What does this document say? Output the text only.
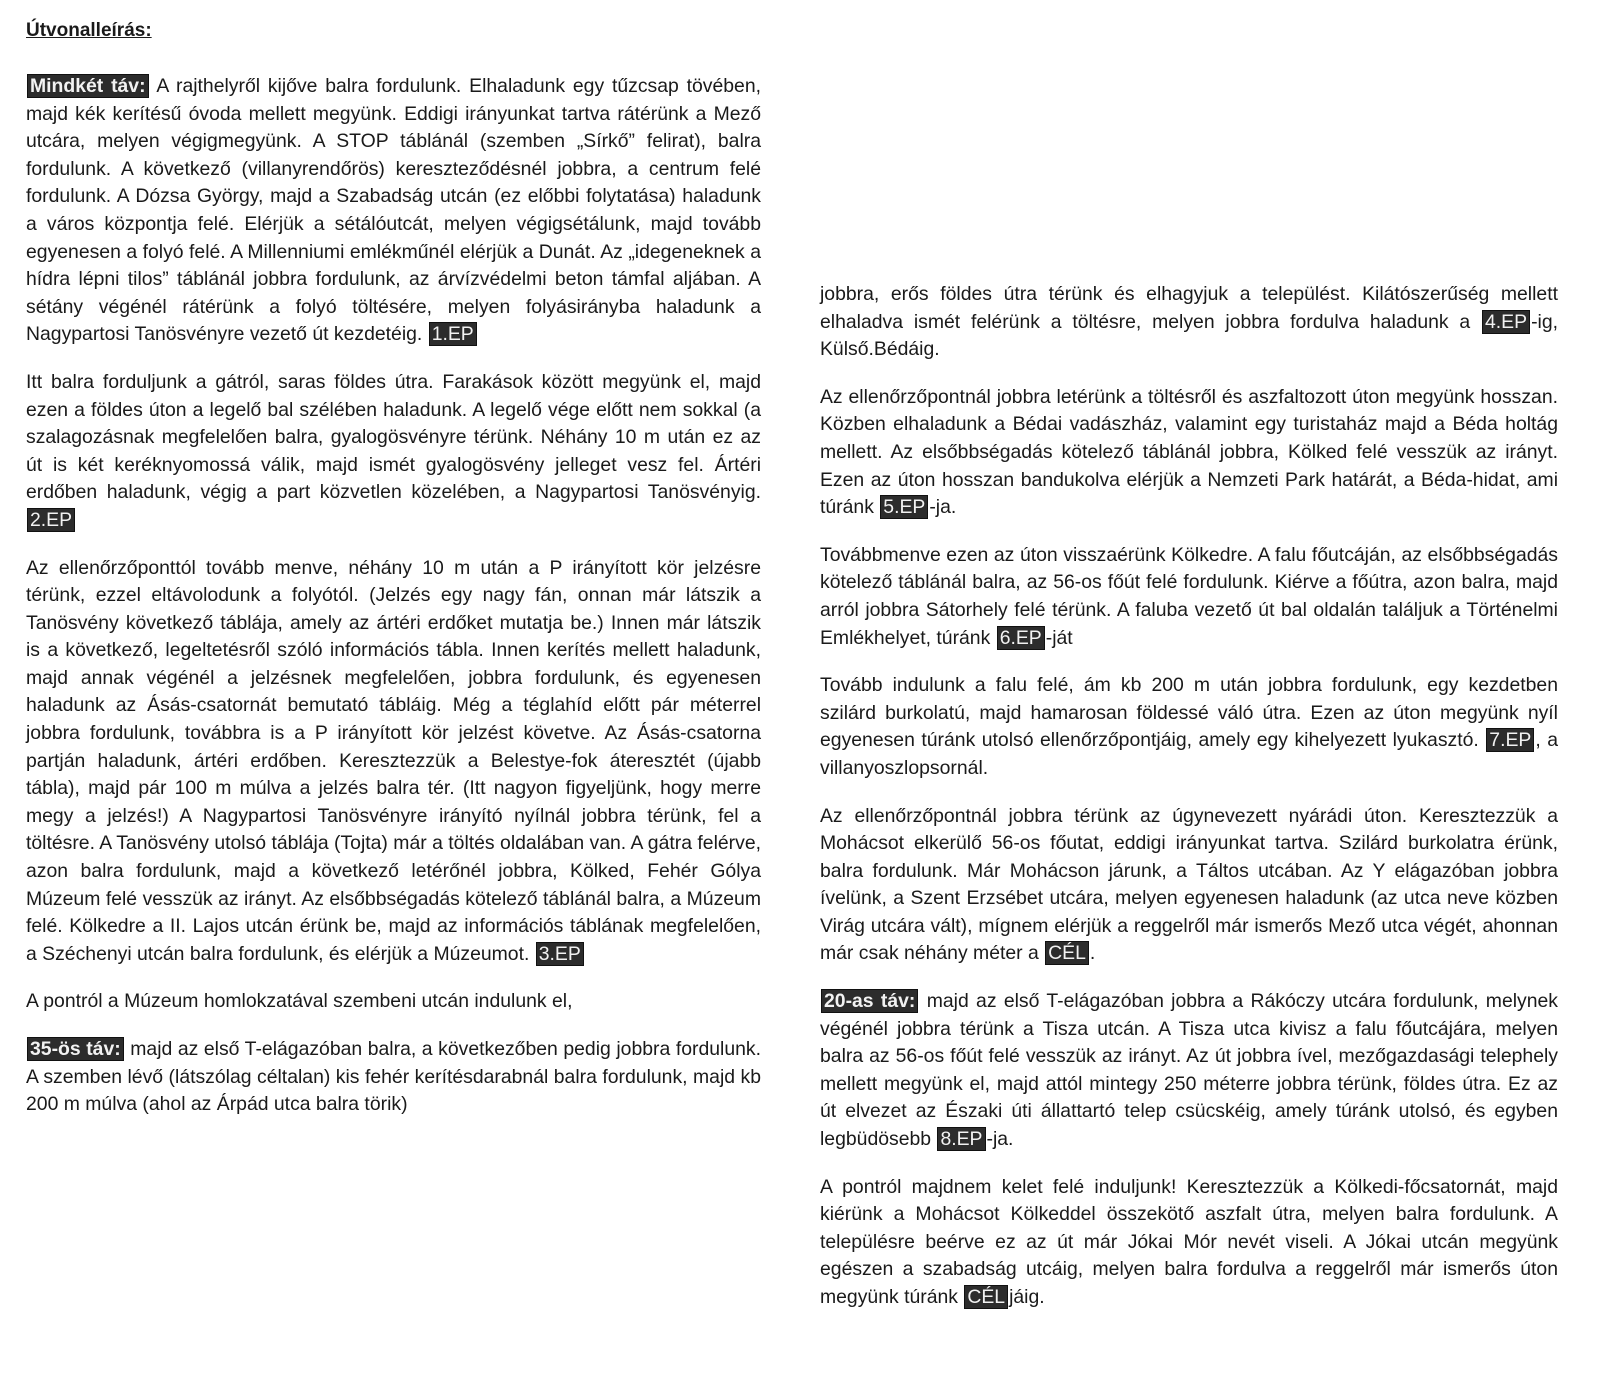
Útvonalleírás:

Mindkét táv: A rajthelyről kijőve balra fordulunk. Elhaladunk egy tűzcsap tövében, majd kék kerítésű óvoda mellett megyünk. Eddigi irányunkat tartva rátérünk a Mező utcára, melyen végigmegyünk. A STOP táblánál (szemben „Sírkő” felirat), balra fordulunk. A következő (villanyrendőrös) kereszteződésnél jobbra, a centrum felé fordulunk. A Dózsa György, majd a Szabadság utcán (ez előbbi folytatása) haladunk a város központja felé. Elérjük a sétálóutcát, melyen végigsétálunk, majd tovább egyenesen a folyó felé. A Millenniumi emlékműnél elérjük a Dunát. Az „idegeneknek a hídra lépni tilos” táblánál jobbra fordulunk, az árvízvédelmi beton támfal aljában. A sétány végénél rátérünk a folyó töltésére, melyen folyásirányba haladunk a Nagypartosi Tanösvényre vezető út kezdetéig. 1.EP

Itt balra forduljunk a gátról, saras földes útra. Farakások között megyünk el, majd ezen a földes úton a legelő bal szélében haladunk. A legelő vége előtt nem sokkal (a szalagozásnak megfelelően balra, gyalogösvényre térünk. Néhány 10 m után ez az út is két keréknyomossá válik, majd ismét gyalogösvény jelleget vesz fel. Ártéri erdőben haladunk, végig a part közvetlen közelében, a Nagypartosi Tanösvényig. 2.EP

Az ellenőrzőponttól tovább menve, néhány 10 m után a P irányított kör jelzésre térünk, ezzel eltávolodunk a folyótól. (Jelzés egy nagy fán, onnan már látszik a Tanösvény következő táblája, amely az ártéri erdőket mutatja be.) Innen már látszik is a következő, legeltetésről szóló információs tábla. Innen kerítés mellett haladunk, majd annak végénél a jelzésnek megfelelően, jobbra fordulunk, és egyenesen haladunk az Ásás-csatornát bemutató tábláig. Még a téglahíd előtt pár méterrel jobbra fordulunk, továbbra is a P irányított kör jelzést követve. Az Ásás-csatorna partján haladunk, ártéri erdőben. Keresztezzük a Belestye-fok áteresztét (újabb tábla), majd pár 100 m múlva a jelzés balra tér. (Itt nagyon figyeljünk, hogy merre megy a jelzés!) A Nagypartosi Tanösvényre irányító nyílnál jobbra térünk, fel a töltésre. A Tanösvény utolsó táblája (Tojta) már a töltés oldalában van. A gátra felérve, azon balra fordulunk, majd a következő letérőnél jobbra, Kölked, Fehér Gólya Múzeum felé vesszük az irányt. Az elsőbbségadás kötelező táblánál balra, a Múzeum felé. Kölkedre a II. Lajos utcán érünk be, majd az információs táblának megfelelően, a Széchenyi utcán balra fordulunk, és elérjük a Múzeumot. 3.EP

A pontról a Múzeum homlokzatával szembeni utcán indulunk el,

35-ös táv: majd az első T-elágazóban balra, a következőben pedig jobbra fordulunk. A szemben lévő (látszólag céltalan) kis fehér kerítésdarabnál balra fordulunk, majd kb 200 m múlva (ahol az Árpád utca balra törik)

jobbra, erős földes útra térünk és elhagyjuk a települést. Kilátószerűség mellett elhaladva ismét felérünk a töltésre, melyen jobbra fordulva haladunk a 4.EP -ig, Külső.Bédáig.

Az ellenőrzőpontnál jobbra letérünk a töltésről és aszfaltozott úton megyünk hosszan. Közben elhaladunk a Bédai vadászház, valamint egy turistaház majd a Béda holtág mellett. Az elsőbbségadás kötelező táblánál jobbra, Kölked felé vesszük az irányt. Ezen az úton hosszan bandukolva elérjük a Nemzeti Park határát, a Béda-hidat, ami túránk 5.EP -ja.

Továbbmenve ezen az úton visszaérünk Kölkedre. A falu főutcáján, az elsőbbségadás kötelező táblánál balra, az 56-os főút felé fordulunk. Kiérve a főútra, azon balra, majd arról jobbra Sátorhely felé térünk. A faluba vezető út bal oldalán találjuk a Történelmi Emlékhelyet, túránk 6.EP -ját

Tovább indulunk a falu felé, ám kb 200 m után jobbra fordulunk, egy kezdetben szilárd burkolatú, majd hamarosan földessé váló útra. Ezen az úton megyünk nyíl egyenesen túránk utolsó ellenőrzőpontjáig, amely egy kihelyezett lyukasztó. 7.EP , a villanyoszlopsornál.

Az ellenőrzőpontnál jobbra térünk az úgynevezett nyárádi úton. Keresztezzük a Mohácsot elkerülő 56-os főutat, eddigi irányunkat tartva. Szilárd burkolatra érünk, balra fordulunk. Már Mohácson járunk, a Táltos utcában. Az Y elágazóban jobbra ívelünk, a Szent Erzsébet utcára, melyen egyenesen haladunk (az utca neve közben Virág utcára vált), mígnem elérjük a reggelről már ismerős Mező utca végét, ahonnan már csak néhány méter a CÉL .

20-as táv: majd az első T-elágazóban jobbra a Rákóczy utcára fordulunk, melynek végénél jobbra térünk a Tisza utcán. A Tisza utca kivisz a falu főutcájára, melyen balra az 56-os főút felé vesszük az irányt. Az út jobbra ível, mezőgazdasági telephely mellett megyünk el, majd attól mintegy 250 méterre jobbra térünk, földes útra. Ez az út elvezet az Északi úti állattartó telep csücskéig, amely túránk utolsó, és egyben legbüdösebb 8.EP -ja.

A pontról majdnem kelet felé induljunk! Keresztezzük a Kölkedi-főcsatornát, majd kiérünk a Mohácsot Kölkeddel összekötő aszfalt útra, melyen balra fordulunk. A településre beérve ez az út már Jókai Mór nevét viseli. A Jókai utcán megyünk egészen a szabadság utcáig, melyen balra fordulva a reggelről már ismerős úton megyünk túránk CÉL jáig.
